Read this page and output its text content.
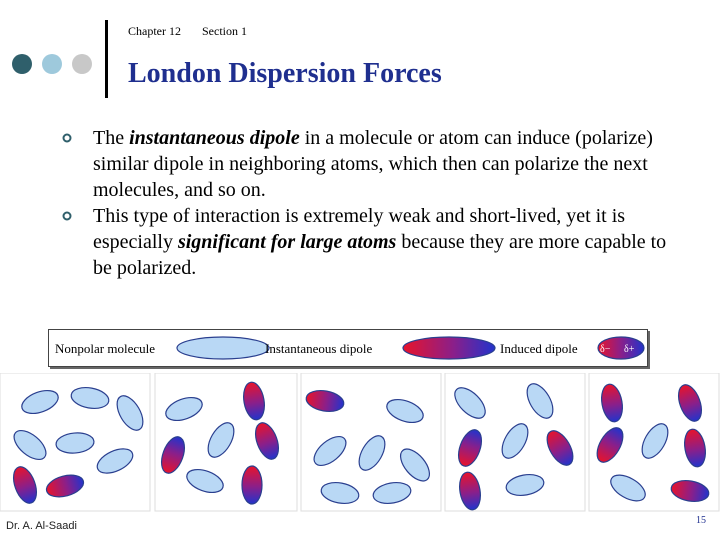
Chapter 12 Section 1
London Dispersion Forces
The instantaneous dipole in a molecule or atom can induce (polarize) similar dipole in neighboring atoms, which then can polarize the next molecules, and so on.
This type of interaction is extremely weak and short-lived, yet it is especially significant for large atoms because they are more capable to be polarized.
Nonpolar molecule	Instantaneous dipole	Induced dipole δ− δ+
Dr. A. Al-Saadi	15
